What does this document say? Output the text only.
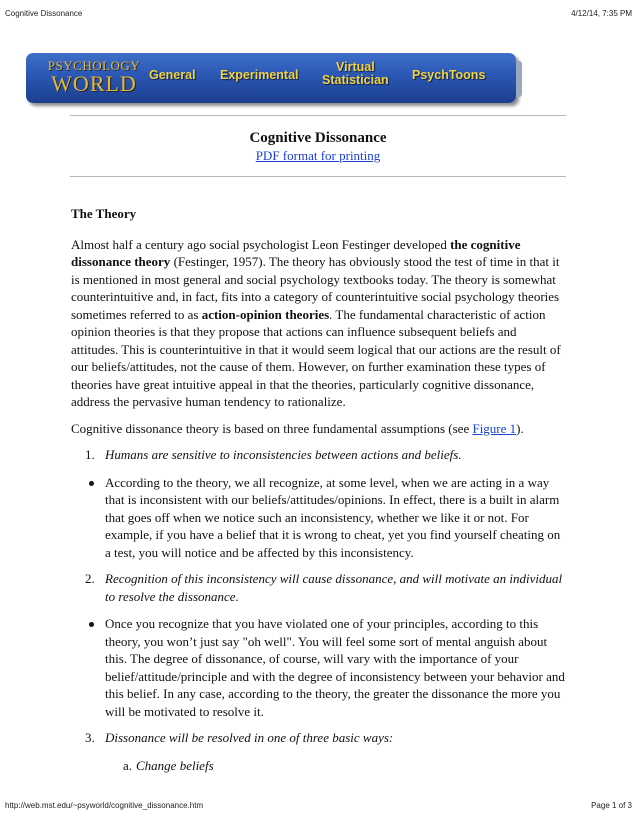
Cognitive Dissonance	4/12/14, 7:35 PM
PSYCHOLOGY
WORLD General Experimental
Virtual
Statistician PsychToons
Cognitive Dissonance
PDF format for printing
The Theory

Almost half a century ago social psychologist Leon Festinger developed the cognitive dissonance theory (Festinger, 1957). The theory has obviously stood the test of time in that it is mentioned in most general and social psychology textbooks today. The theory is somewhat counterintuitive and, in fact, fits into a category of counterintuitive social psychology theories sometimes referred to as action-opinion theories. The fundamental characteristic of action opinion theories is that they propose that actions can influence subsequent beliefs and attitudes. This is counterintuitive in that it would seem logical that our actions are the result of our beliefs/attitudes, not the cause of them. However, on further examination these types of theories have great intuitive appeal in that the theories, particularly cognitive dissonance, address the pervasive human tendency to rationalize.

Cognitive dissonance theory is based on three fundamental assumptions (see Figure 1).

1. Humans are sensitive to inconsistencies between actions and beliefs.
According to the theory, we all recognize, at some level, when we are acting in a way that is inconsistent with our beliefs/attitudes/opinions. In effect, there is a built in alarm that goes off when we notice such an inconsistency, whether we like it or not. For example, if you have a belief that it is wrong to cheat, yet you find yourself cheating on a test, you will notice and be affected by this inconsistency.
2. Recognition of this inconsistency will cause dissonance, and will motivate an individual to resolve the dissonance.
Once you recognize that you have violated one of your principles, according to this theory, you won’t just say "oh well". You will feel some sort of mental anguish about this. The degree of dissonance, of course, will vary with the importance of your belief/attitude/principle and with the degree of inconsistency between your behavior and this belief. In any case, according to the theory, the greater the dissonance the more you will be motivated to resolve it.
3. Dissonance will be resolved in one of three basic ways:
a. Change beliefs
http://web.mst.edu/~psyworld/cognitive_dissonance.htm	Page 1 of 3
